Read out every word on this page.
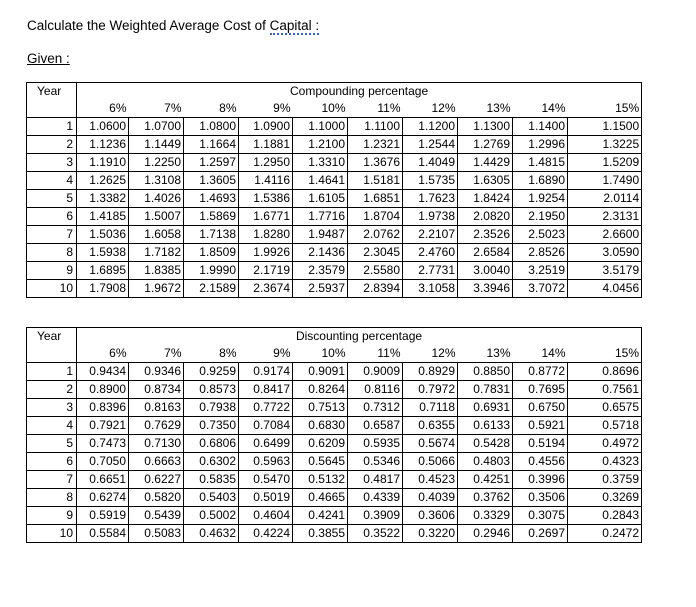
Calculate the Weighted Average Cost of Capital :
Given :
Year	Compounding percentage									
	6%	7%	8%	9%	10%	11%	12%	13%	14%	15%
1	1.0600	1.0700	1.0800	1.0900	1.1000	1.1100	1.1200	1.1300	1.1400	1.1500
2	1.1236	1.1449	1.1664	1.1881	1.2100	1.2321	1.2544	1.2769	1.2996	1.3225
3	1.1910	1.2250	1.2597	1.2950	1.3310	1.3676	1.4049	1.4429	1.4815	1.5209
4	1.2625	1.3108	1.3605	1.4116	1.4641	1.5181	1.5735	1.6305	1.6890	1.7490
5	1.3382	1.4026	1.4693	1.5386	1.6105	1.6851	1.7623	1.8424	1.9254	2.0114
6	1.4185	1.5007	1.5869	1.6771	1.7716	1.8704	1.9738	2.0820	2.1950	2.3131
7	1.5036	1.6058	1.7138	1.8280	1.9487	2.0762	2.2107	2.3526	2.5023	2.6600
8	1.5938	1.7182	1.8509	1.9926	2.1436	2.3045	2.4760	2.6584	2.8526	3.0590
9	1.6895	1.8385	1.9990	2.1719	2.3579	2.5580	2.7731	3.0040	3.2519	3.5179
10	1.7908	1.9672	2.1589	2.3674	2.5937	2.8394	3.1058	3.3946	3.7072	4.0456
Year	Discounting percentage									
	6%	7%	8%	9%	10%	11%	12%	13%	14%	15%
1	0.9434	0.9346	0.9259	0.9174	0.9091	0.9009	0.8929	0.8850	0.8772	0.8696
2	0.8900	0.8734	0.8573	0.8417	0.8264	0.8116	0.7972	0.7831	0.7695	0.7561
3	0.8396	0.8163	0.7938	0.7722	0.7513	0.7312	0.7118	0.6931	0.6750	0.6575
4	0.7921	0.7629	0.7350	0.7084	0.6830	0.6587	0.6355	0.6133	0.5921	0.5718
5	0.7473	0.7130	0.6806	0.6499	0.6209	0.5935	0.5674	0.5428	0.5194	0.4972
6	0.7050	0.6663	0.6302	0.5963	0.5645	0.5346	0.5066	0.4803	0.4556	0.4323
7	0.6651	0.6227	0.5835	0.5470	0.5132	0.4817	0.4523	0.4251	0.3996	0.3759
8	0.6274	0.5820	0.5403	0.5019	0.4665	0.4339	0.4039	0.3762	0.3506	0.3269
9	0.5919	0.5439	0.5002	0.4604	0.4241	0.3909	0.3606	0.3329	0.3075	0.2843
10	0.5584	0.5083	0.4632	0.4224	0.3855	0.3522	0.3220	0.2946	0.2697	0.2472
